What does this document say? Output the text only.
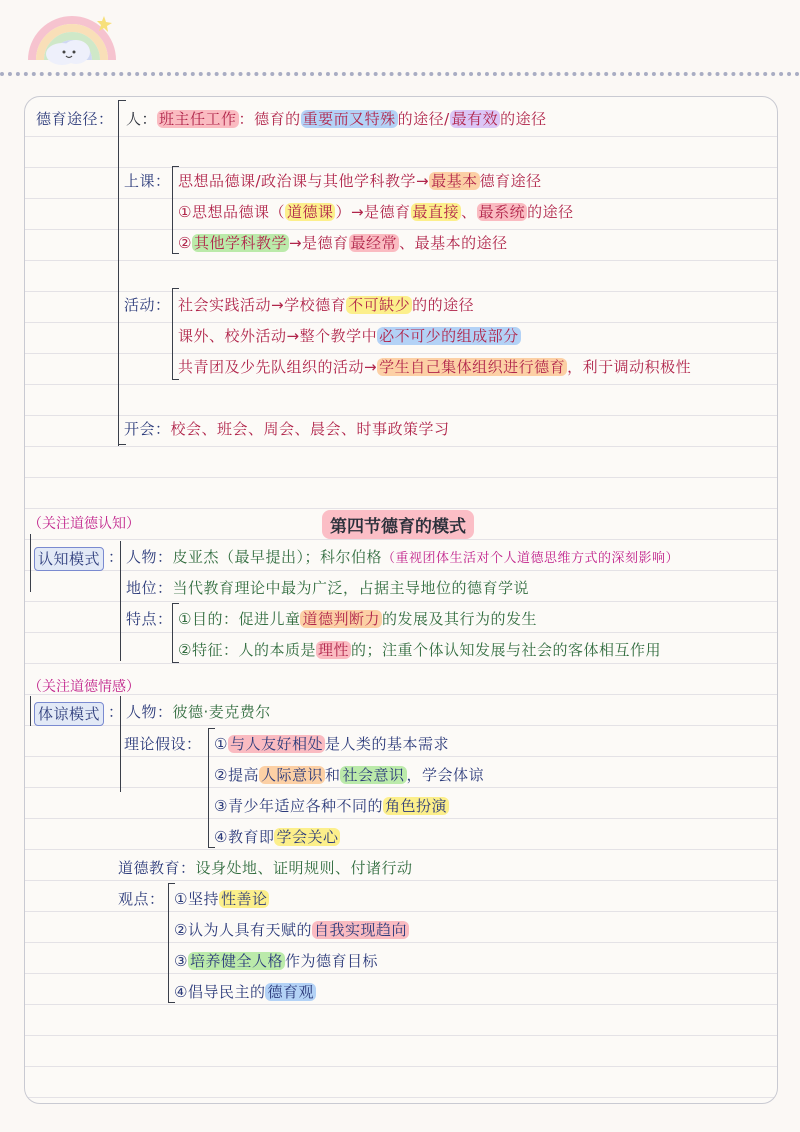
德育途径： 人： 班主任工作 ：德育的 重要而又特殊 的途径/ 最有效 的途径
上课： 思想品德课/政治课与其他学科教学→ 最基本 德育途径
①思想品德课（ 道德课 ）→是德育 最直接 、 最系统 的途径
② 其他学科教学 →是德育 最经常 、最基本的途径
活动： 社会实践活动→学校德育 不可缺少 的的途径
课外、校外活动→整个教学中 必不可少的组成部分
共青团及少先队组织的活动→ 学生自己集体组织进行德育 ，利于调动积极性
开会：校会、班会、周会、晨会、时事政策学习
第四节德育的模式
（关注道德认知）
认知模式 ： 人物：皮亚杰（最早提出）；科尔伯格（重视团体生活对个人道德思维方式的深刻影响）
地位：当代教育理论中最为广泛，占据主导地位的德育学说
特点： ①目的：促进儿童 道德判断力 的发展及其行为的发生
②特征：人的本质是 理性 的；注重个体认知发展与社会的客体相互作用
（关注道德情感）
体谅模式 ： 人物：彼德·麦克费尔
理论假设： ① 与人友好相处 是人类的基本需求
②提高 人际意识 和 社会意识 ，学会体谅
③青少年适应各种不同的 角色扮演
④教育即 学会关心
道德教育：设身处地、证明规则、付诸行动
观点： ①坚持 性善论
②认为人具有天赋的 自我实现趋向
③ 培养健全人格 作为德育目标
④倡导民主的 德育观
